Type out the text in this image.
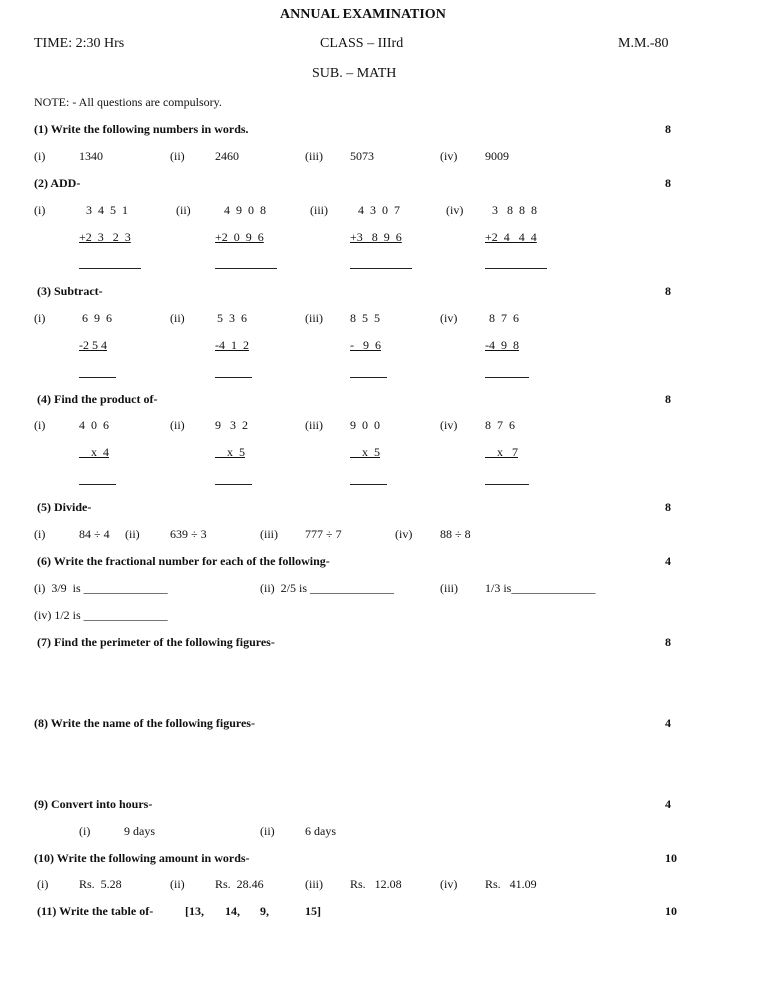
ANNUAL EXAMINATION
TIME: 2:30 Hrs	CLASS – IIIrd	M.M.-80
SUB. – MATH
NOTE: - All questions are compulsory.
(1) Write the following numbers in words.	8
(i)	1340	(ii)	2460	(iii) 5073	(iv) 9009
(2) ADD-	8
(i)	3  4  5  1	(ii)	4  9  0  8	(iii)	4  3  0  7	(iv) 3   8  8  8
+2  3   2  3	+2  0  9  6	+3   8  9  6	+2  4   4  4
(3) Subtract-	8
(i)	6  9  6	(ii)	5  3  6	(iii) 8  5  5	(iv)	8  7  6
-2 5 4	-4  1  2	-   9  6	-4  9  8
(4) Find the product of-	8
(i)	4  0  6	(ii)	9   3  2	(iii) 9  0  0	(iv) 8  7  6
x  4	x  5	x  5	x   7
(5) Divide-	8
(i)	84 ÷ 4 (ii)	639 ÷ 3	(iii) 777 ÷ 7	(iv) 88 ÷ 8
(6) Write the fractional number for each of the following-	4
(i)  3/9  is ______________	(ii)  2/5 is ______________	(iii) 1/3 is______________
(iv) 1/2 is ______________
(7) Find the perimeter of the following figures-	8
(8) Write the name of the following figures-	4
(9) Convert into hours-	4
(i)	9 days	(ii)	6 days
(10) Write the following amount in words-	10
(i)	Rs.  5.28	(ii)	Rs.  28.46	(iii) Rs.   12.08	(iv) Rs.   41.09
(11) Write the table of-	[13, 14, 9,	15]	10
